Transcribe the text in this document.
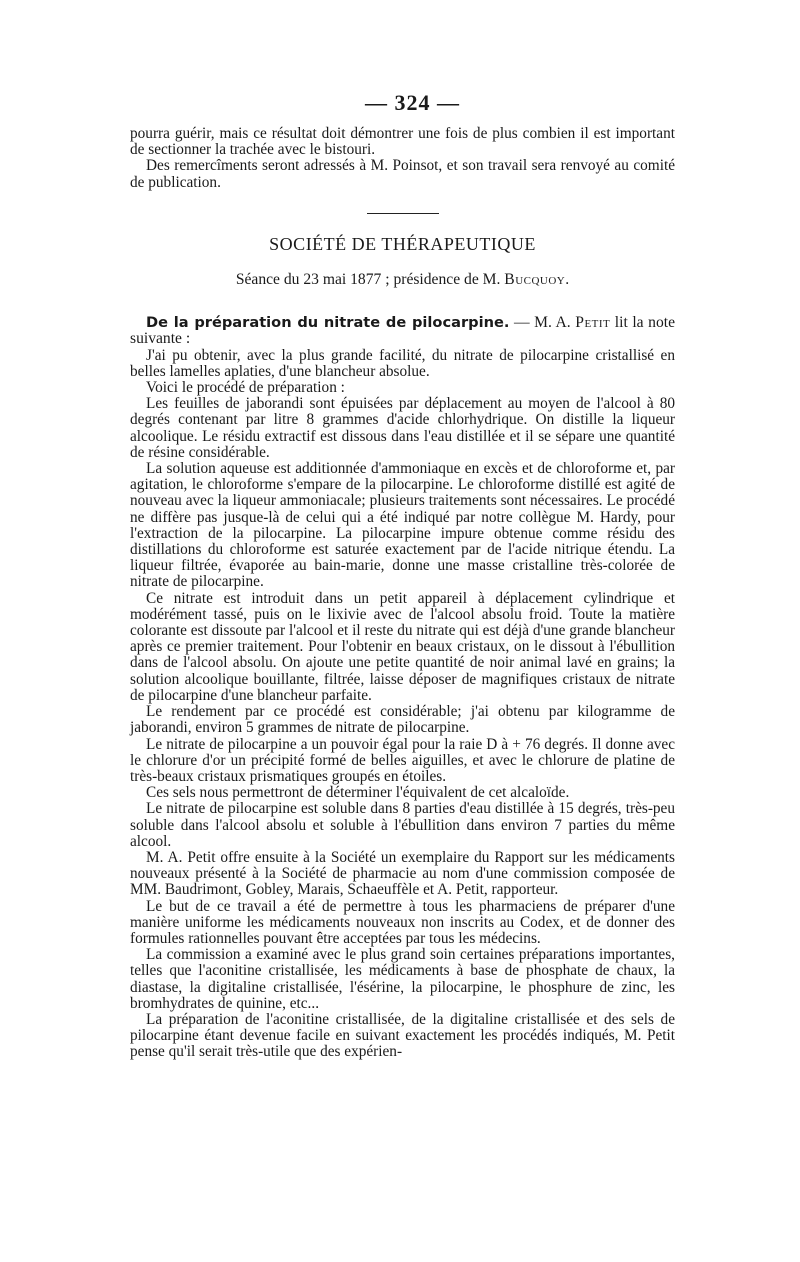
— 324 —

pourra guérir, mais ce résultat doit démontrer une fois de plus combien il est important de sectionner la trachée avec le bistouri.

Des remercîments seront adressés à M. Poinsot, et son travail sera renvoyé au comité de publication.

SOCIÉTÉ DE THÉRAPEUTIQUE
Séance du 23 mai 1877 ; présidence de M. Bucquoy.

De la préparation du nitrate de pilocarpine. — M. A. Petit lit la note suivante :

J'ai pu obtenir, avec la plus grande facilité, du nitrate de pilocarpine cristallisé en belles lamelles aplaties, d'une blancheur absolue.

Voici le procédé de préparation :

Les feuilles de jaborandi sont épuisées par déplacement au moyen de l'alcool à 80 degrés contenant par litre 8 grammes d'acide chlorhydrique. On distille la liqueur alcoolique. Le résidu extractif est dissous dans l'eau distillée et il se sépare une quantité de résine considérable.

La solution aqueuse est additionnée d'ammoniaque en excès et de chloroforme et, par agitation, le chloroforme s'empare de la pilocarpine. Le chloroforme distillé est agité de nouveau avec la liqueur ammoniacale; plusieurs traitements sont nécessaires. Le procédé ne diffère pas jusque-là de celui qui a été indiqué par notre collègue M. Hardy, pour l'extraction de la pilocarpine. La pilocarpine impure obtenue comme résidu des distillations du chloroforme est saturée exactement par de l'acide nitrique étendu. La liqueur filtrée, évaporée au bain-marie, donne une masse cristalline très-colorée de nitrate de pilocarpine.

Ce nitrate est introduit dans un petit appareil à déplacement cylindrique et modérément tassé, puis on le lixivie avec de l'alcool absolu froid. Toute la matière colorante est dissoute par l'alcool et il reste du nitrate qui est déjà d'une grande blancheur après ce premier traitement. Pour l'obtenir en beaux cristaux, on le dissout à l'ébullition dans de l'alcool absolu. On ajoute une petite quantité de noir animal lavé en grains; la solution alcoolique bouillante, filtrée, laisse déposer de magnifiques cristaux de nitrate de pilocarpine d'une blancheur parfaite.

Le rendement par ce procédé est considérable; j'ai obtenu par kilogramme de jaborandi, environ 5 grammes de nitrate de pilocarpine.

Le nitrate de pilocarpine a un pouvoir égal pour la raie D à + 76 degrés. Il donne avec le chlorure d'or un précipité formé de belles aiguilles, et avec le chlorure de platine de très-beaux cristaux prismatiques groupés en étoiles.

Ces sels nous permettront de déterminer l'équivalent de cet alcaloïde.

Le nitrate de pilocarpine est soluble dans 8 parties d'eau distillée à 15 degrés, très-peu soluble dans l'alcool absolu et soluble à l'ébullition dans environ 7 parties du même alcool.

M. A. Petit offre ensuite à la Société un exemplaire du Rapport sur les médicaments nouveaux présenté à la Société de pharmacie au nom d'une commission composée de MM. Baudrimont, Gobley, Marais, Schaeuffèle et A. Petit, rapporteur.

Le but de ce travail a été de permettre à tous les pharmaciens de préparer d'une manière uniforme les médicaments nouveaux non inscrits au Codex, et de donner des formules rationnelles pouvant être acceptées par tous les médecins.

La commission a examiné avec le plus grand soin certaines préparations importantes, telles que l'aconitine cristallisée, les médicaments à base de phosphate de chaux, la diastase, la digitaline cristallisée, l'ésérine, la pilocarpine, le phosphure de zinc, les bromhydrates de quinine, etc...

La préparation de l'aconitine cristallisée, de la digitaline cristallisée et des sels de pilocarpine étant devenue facile en suivant exactement les procédés indiqués, M. Petit pense qu'il serait très-utile que des expérien-
